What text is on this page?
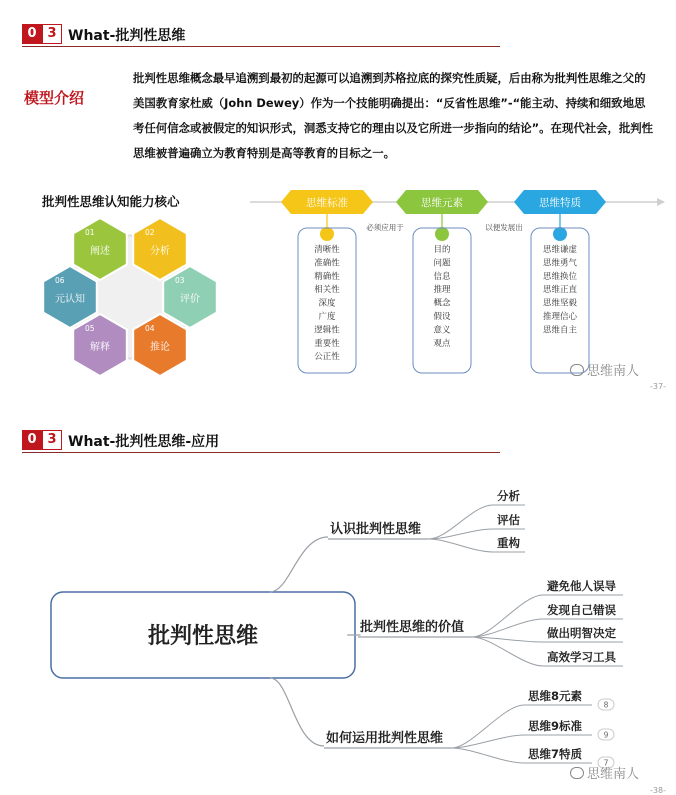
0 3 What-批判性思维
模型介绍
批判性思维概念最早追溯到最初的起源可以追溯到苏格拉底的探究性质疑，后由称为批判性思维之父的美国教育家杜威（John Dewey）作为一个技能明确提出：“反省性思维”-“能主动、持续和细致地思考任何信念或被假定的知识形式，洞悉支持它的理由以及它所进一步指向的结论”。在现代社会，批判性思维被普遍确立为教育特别是高等教育的目标之一。
批判性思维认知能力核心
01
阐述
02
分析
03
评价
04
推论
05
解释
06
元认知
思维标准
清晰性
准确性
精确性
相关性
深度
广度
逻辑性
重要性
公正性
思维元素
目的
问题
信息
推理
概念
假设
意义
观点
思维特质
思维谦虚
思维勇气
思维换位
思维正直
思维坚毅
推理信心
思维自主
必须应用于	以便发展出
思维南人
-37-
0 3 What-批判性思维-应用
批判性思维
认识批判性思维
分析
评估
重构
批判性思维的价值
避免他人误导
发现自己错误
做出明智决定
高效学习工具
如何运用批判性思维
思维8元素
8
思维9标准
9
思维7特质
7
思维南人
-38-
